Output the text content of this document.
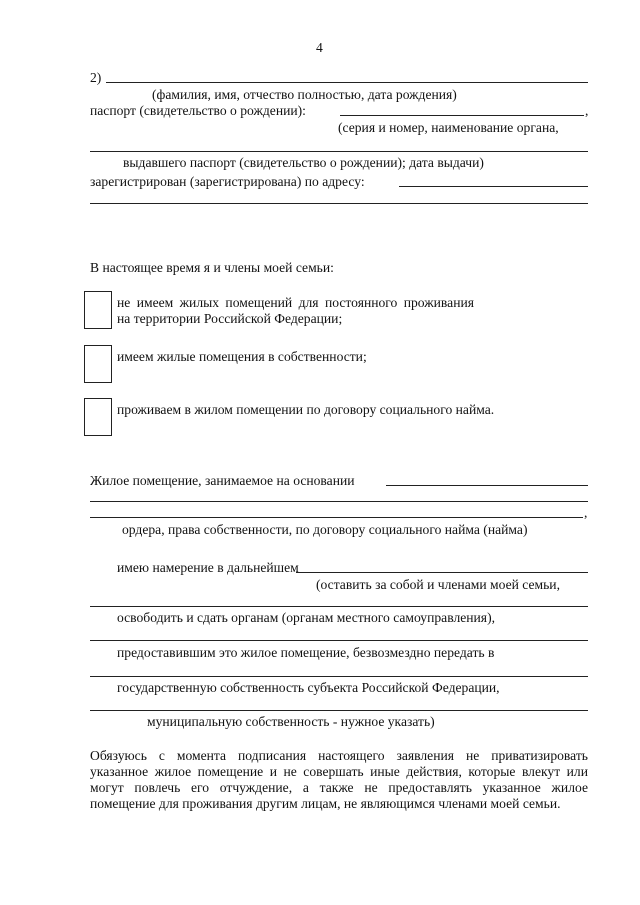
4
2)
(фамилия, имя, отчество полностью, дата рождения)
паспорт (свидетельство о рождении):	,
(серия и номер, наименование органа,
выдавшего паспорт (свидетельство о рождении); дата выдачи)
зарегистрирован (зарегистрирована) по адресу:
В настоящее время я и члены моей семьи:
не имеем жилых помещений для постоянного проживания
на территории Российской Федерации;
имеем жилые помещения в собственности;
проживаем в жилом помещении по договору социального найма.
Жилое помещение, занимаемое на основании
,
ордера, права собственности, по договору социального найма (найма)
имею намерение в дальнейшем
(оставить за собой и членами моей семьи,
освободить и сдать органам (органам местного самоуправления),
предоставившим это жилое помещение, безвозмездно передать в
государственную собственность субъекта Российской Федерации,
муниципальную собственность - нужное указать)
Обязуюсь с момента подписания настоящего заявления не приватизировать указанное жилое помещение и не совершать иные действия, которые влекут или могут повлечь его отчуждение, а также не предоставлять указанное жилое помещение для проживания другим лицам, не являющимся членами моей семьи.
